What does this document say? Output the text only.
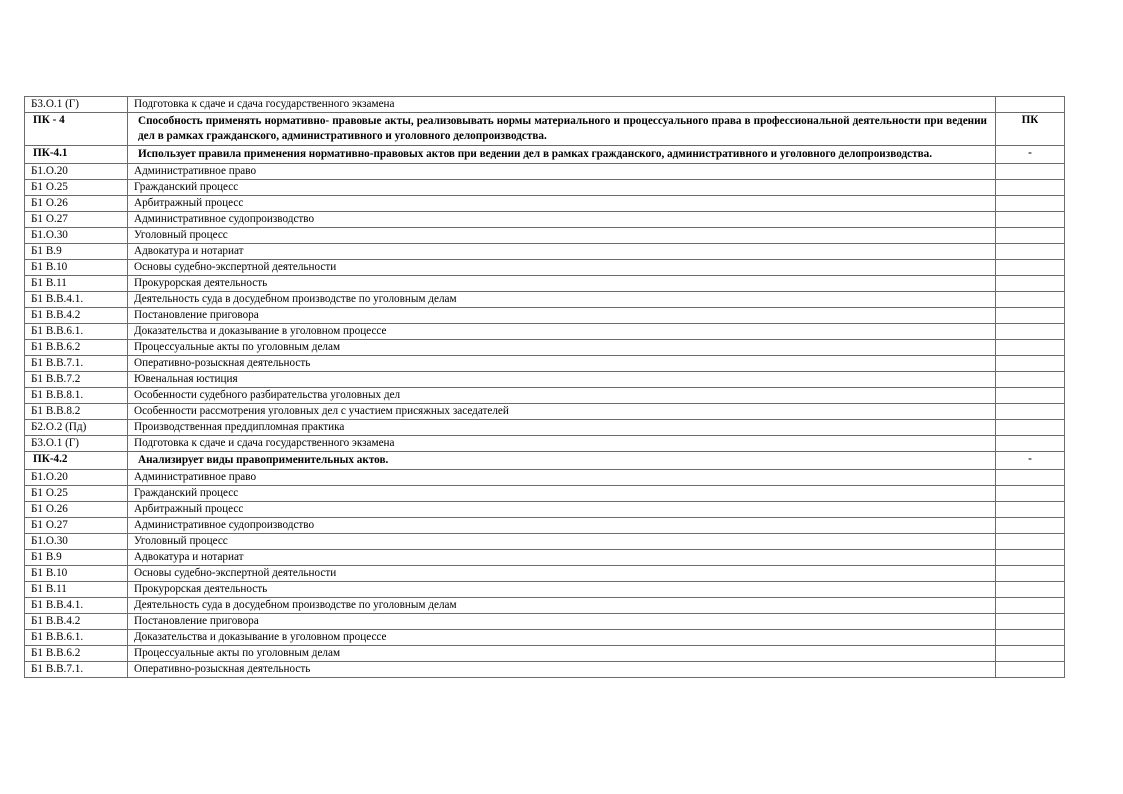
Б3.О.1 (Г)	Подготовка к сдаче и сдача государственного экзамена	
ПК - 4	Способность применять нормативно- правовые акты, реализовывать нормы материального и процессуального права в профессиональной деятельности при ведении дел в рамках гражданского, административного и уголовного делопроизводства.	ПК
ПК-4.1	Использует правила применения нормативно-правовых актов при ведении дел в рамках гражданского, административного и уголовного делопроизводства.	-
Б1.О.20	Административное право	
Б1 О.25	Гражданский процесс	
Б1 О.26	Арбитражный процесс	
Б1 О.27	Административное судопроизводство	
Б1.О.30	Уголовный процесс	
Б1 В.9	Адвокатура и нотариат	
Б1 В.10	Основы судебно-экспертной деятельности	
Б1 В.11	Прокурорская деятельность	
Б1 В.В.4.1.	Деятельность суда в досудебном производстве по уголовным делам	
Б1 В.В.4.2	Постановление приговора	
Б1 В.В.6.1.	Доказательства и доказывание в уголовном процессе	
Б1 В.В.6.2	Процессуальные акты по уголовным делам	
Б1 В.В.7.1.	Оперативно-розыскная деятельность	
Б1 В.В.7.2	Ювенальная юстиция	
Б1 В.В.8.1.	Особенности судебного разбирательства уголовных дел	
Б1 В.В.8.2	Особенности рассмотрения уголовных дел с участием присяжных заседателей	
Б2.О.2 (Пд)	Производственная преддипломная практика	
Б3.О.1 (Г)	Подготовка к сдаче и сдача государственного экзамена	
ПК-4.2	Анализирует виды правоприменительных актов.	-
Б1.О.20	Административное право	
Б1 О.25	Гражданский процесс	
Б1 О.26	Арбитражный процесс	
Б1 О.27	Административное судопроизводство	
Б1.О.30	Уголовный процесс	
Б1 В.9	Адвокатура и нотариат	
Б1 В.10	Основы судебно-экспертной деятельности	
Б1 В.11	Прокурорская деятельность	
Б1 В.В.4.1.	Деятельность суда в досудебном производстве по уголовным делам	
Б1 В.В.4.2	Постановление приговора	
Б1 В.В.6.1.	Доказательства и доказывание в уголовном процессе	
Б1 В.В.6.2	Процессуальные акты по уголовным делам	
Б1 В.В.7.1.	Оперативно-розыскная деятельность	
